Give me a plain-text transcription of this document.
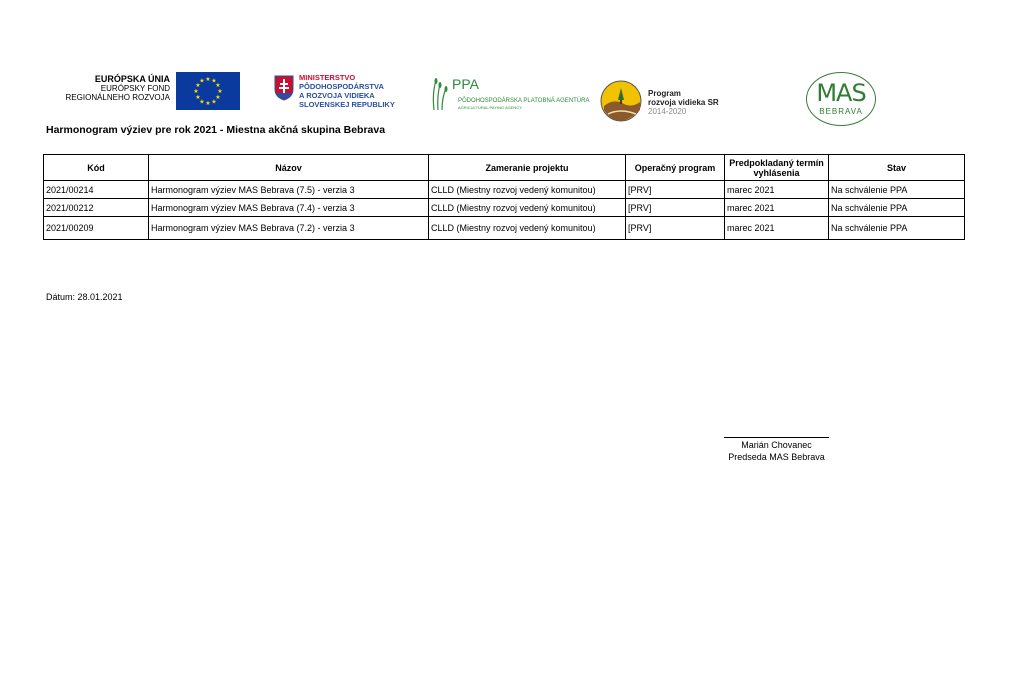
EURÓPSKA ÚNIA
EURÓPSKY FOND
REGIONÁLNEHO ROZVOJA
★ ★
★
★
★
★
★
★
★
★
★
★	MINISTERSTVO
PÔDOHOSPODÁRSTVA
A ROZVOJA VIDIEKA
SLOVENSKEJ REPUBLIKY
PPA
PÔDOHOSPODÁRSKA PLATOBNÁ AGENTÚRA
AGRICULTURAL PAYING AGENCY
Program
rozvoja vidieka SR
2014-2020
MAS
BEBRAVA
Harmonogram výziev pre rok 2021 - Miestna akčná skupina Bebrava
Kód	Názov	Zameranie projektu	Operačný program	Predpokladaný termín vyhlásenia	Stav
2021/00214	Harmonogram výziev MAS Bebrava (7.5) - verzia 3	CLLD (Miestny rozvoj vedený komunitou)	[PRV]	marec 2021	Na schválenie PPA
2021/00212	Harmonogram výziev MAS Bebrava (7.4) - verzia 3	CLLD (Miestny rozvoj vedený komunitou)	[PRV]	marec 2021	Na schválenie PPA
2021/00209	Harmonogram výziev MAS Bebrava (7.2) - verzia 3	CLLD (Miestny rozvoj vedený komunitou)	[PRV]	marec 2021	Na schválenie PPA
Dátum: 28.01.2021
Marián Chovanec
Predseda MAS Bebrava
